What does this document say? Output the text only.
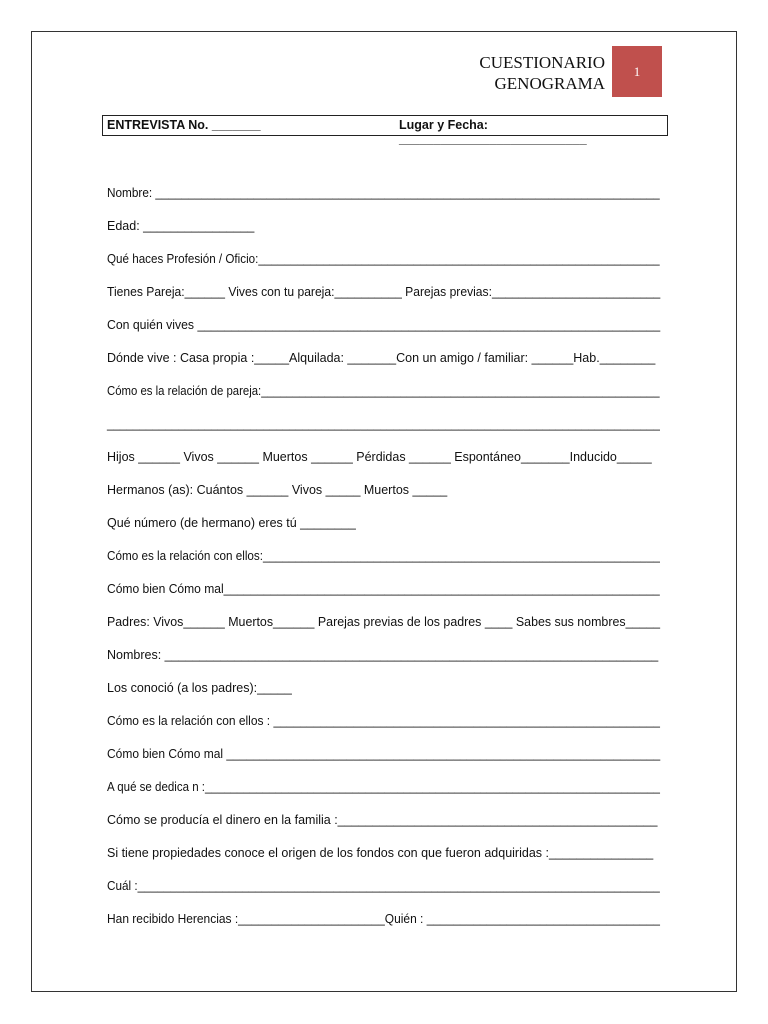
CUESTIONARIO
GENOGRAMA
1
ENTREVISTA No. _______	Lugar y Fecha: ___________________________
Nombre: _____________________________________________________________________________
Edad: ________________
Qué haces Profesión / Oficio:______________________________________________________________
Tienes Pareja:______ Vives con tu pareja:__________ Parejas previas:_________________________
Con quién vives ____________________________________________________________________
Dónde vive : Casa propia :_____Alquilada: _______Con un amigo / familiar: ______Hab.________
Cómo es la relación de pareja:_______________________________________________________________
_____________________________________________________________________________________
Hijos ______ Vivos ______ Muertos ______ Pérdidas ______ Espontáneo_______Inducido_____
Hermanos (as): Cuántos ______ Vivos _____ Muertos _____
Qué número (de hermano) eres tú ________
Cómo es la relación con ellos:_____________________________________________________________
Cómo bien Cómo mal_________________________________________________________________
Padres: Vivos______ Muertos______ Parejas previas de los padres ____ Sabes sus nombres_____
Nombres: _______________________________________________________________________
Los conoció (a los padres):_____
Cómo es la relación con ellos : __________________________________________________________
Cómo bien Cómo mal _________________________________________________________________
A qué se dedica n :_______________________________________________________________________
Cómo se producía el dinero en la familia :______________________________________________
Si tiene propiedades conoce el origen de los fondos con que fueron adquiridas :_______________
Cuál :________________________________________________________________________________
Han recibido Herencias :______________________Quién : ___________________________________
